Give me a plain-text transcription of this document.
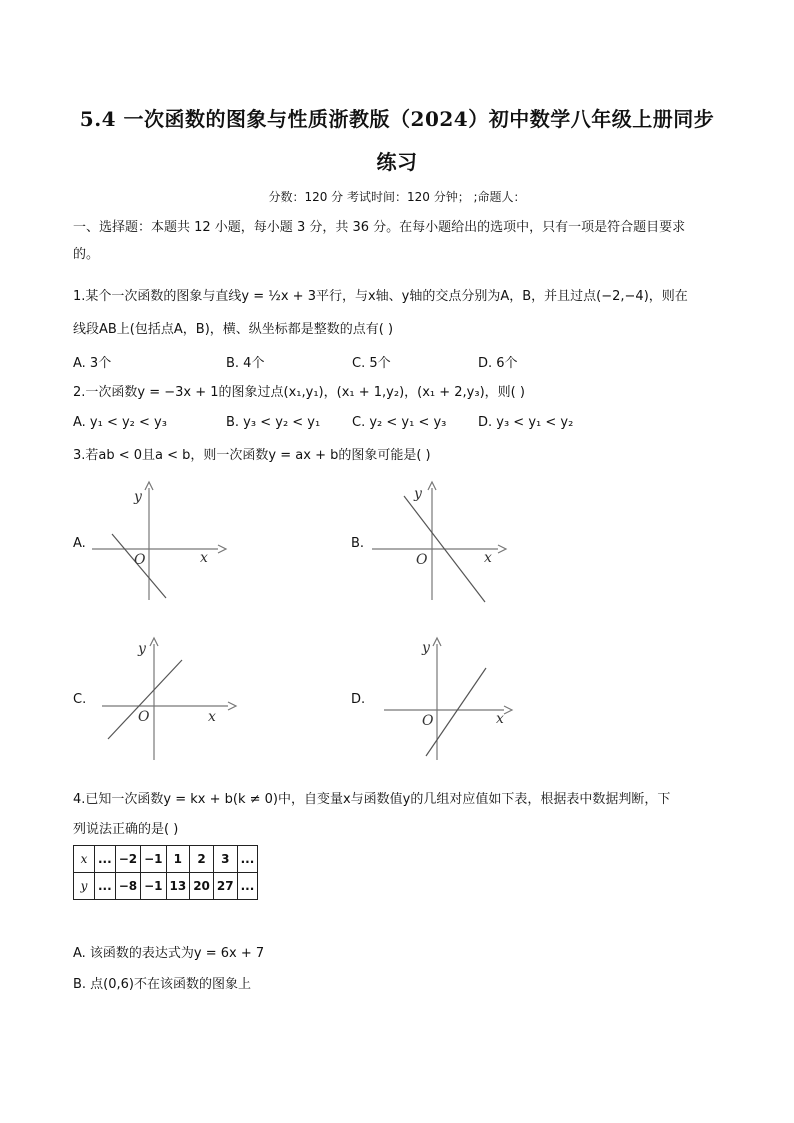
5.4 一次函数的图象与性质浙教版（2024）初中数学八年级上册同步
练习
分数：120 分 考试时间：120 分钟； ;命题人：
一、选择题：本题共 12 小题，每小题 3 分，共 36 分。在每小题给出的选项中，只有一项是符合题目要求
的。
1.某个一次函数的图象与直线y = ½x + 3平行，与x轴、y轴的交点分别为A，B，并且过点(−2,−4)，则在
线段AB上(包括点A，B)，横、纵坐标都是整数的点有( )
A. 3个	B. 4个	C. 5个	D. 6个
2.一次函数y = −3x + 1的图象过点(x₁,y₁)，(x₁ + 1,y₂)，(x₁ + 2,y₃)，则( )
A. y₁ < y₂ < y₃	B. y₃ < y₂ < y₁ C. y₂ < y₁ < y₃ D. y₃ < y₁ < y₂
3.若ab < 0且a < b，则一次函数y = ax + b的图象可能是( )
A.
y
x
O
B.
y
x
O
C.
y
x
O
D.
y
x
O
4.已知一次函数y = kx + b(k ≠ 0)中，自变量x与函数值y的几组对应值如下表，根据表中数据判断，下
列说法正确的是( )
x	...	−2	−1	1	2	3	...
y	...	−8	−1	13	20	27	...
A. 该函数的表达式为y = 6x + 7
B. 点(0,6)不在该函数的图象上
